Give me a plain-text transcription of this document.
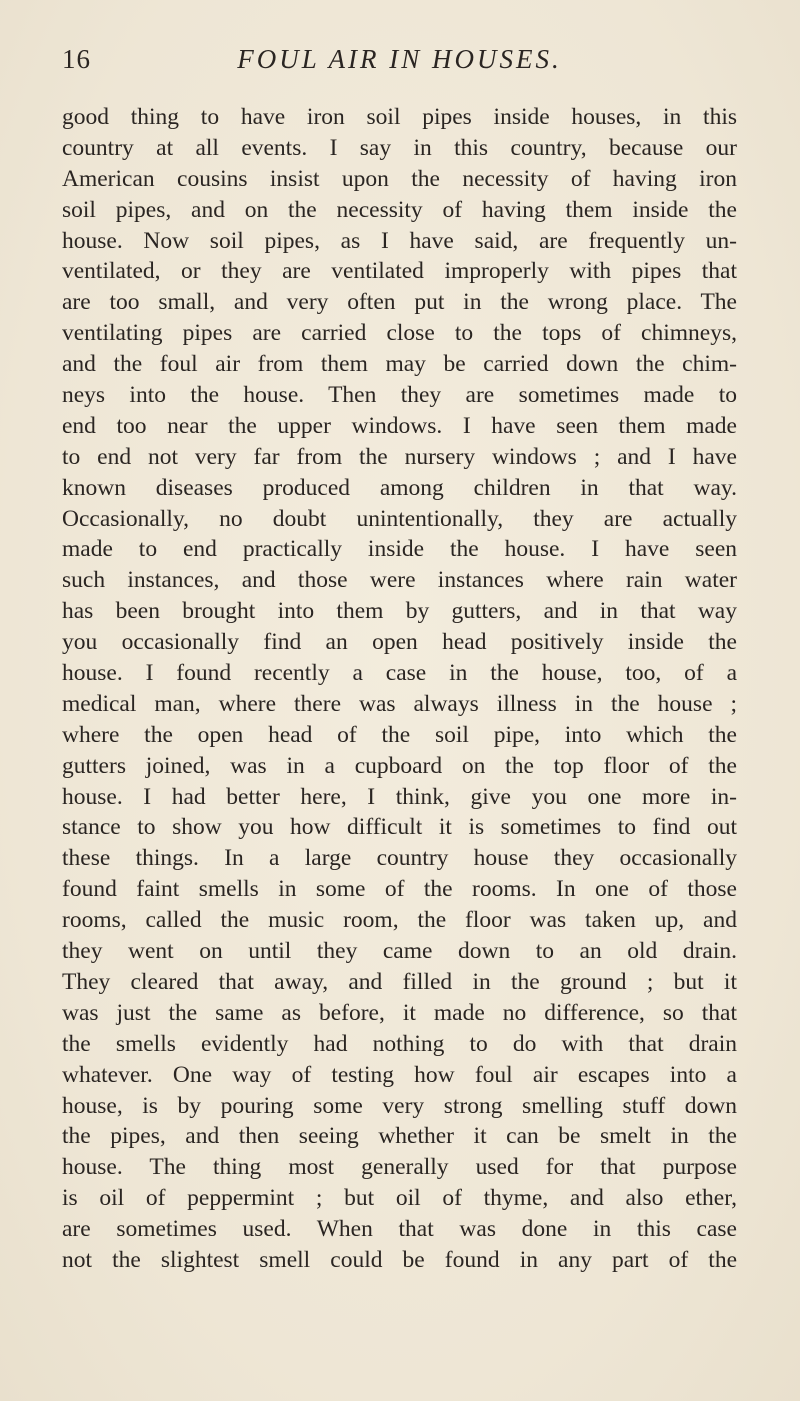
16	FOUL AIR IN HOUSES.
good thing to have iron soil pipes inside houses, in this
country at all events. I say in this country, because our
American cousins insist upon the necessity of having iron
soil pipes, and on the necessity of having them inside the
house. Now soil pipes, as I have said, are frequently un-
ventilated, or they are ventilated improperly with pipes that
are too small, and very often put in the wrong place. The
ventilating pipes are carried close to the tops of chimneys,
and the foul air from them may be carried down the chim-
neys into the house. Then they are sometimes made to
end too near the upper windows. I have seen them made
to end not very far from the nursery windows ; and I have
known diseases produced among children in that way.
Occasionally, no doubt unintentionally, they are actually
made to end practically inside the house. I have seen
such instances, and those were instances where rain water
has been brought into them by gutters, and in that way
you occasionally find an open head positively inside the
house. I found recently a case in the house, too, of a
medical man, where there was always illness in the house ;
where the open head of the soil pipe, into which the
gutters joined, was in a cupboard on the top floor of the
house. I had better here, I think, give you one more in-
stance to show you how difficult it is sometimes to find out
these things. In a large country house they occasionally
found faint smells in some of the rooms. In one of those
rooms, called the music room, the floor was taken up, and
they went on until they came down to an old drain.
They cleared that away, and filled in the ground ; but it
was just the same as before, it made no difference, so that
the smells evidently had nothing to do with that drain
whatever. One way of testing how foul air escapes into a
house, is by pouring some very strong smelling stuff down
the pipes, and then seeing whether it can be smelt in the
house. The thing most generally used for that purpose
is oil of peppermint ; but oil of thyme, and also ether,
are sometimes used. When that was done in this case
not the slightest smell could be found in any part of the
